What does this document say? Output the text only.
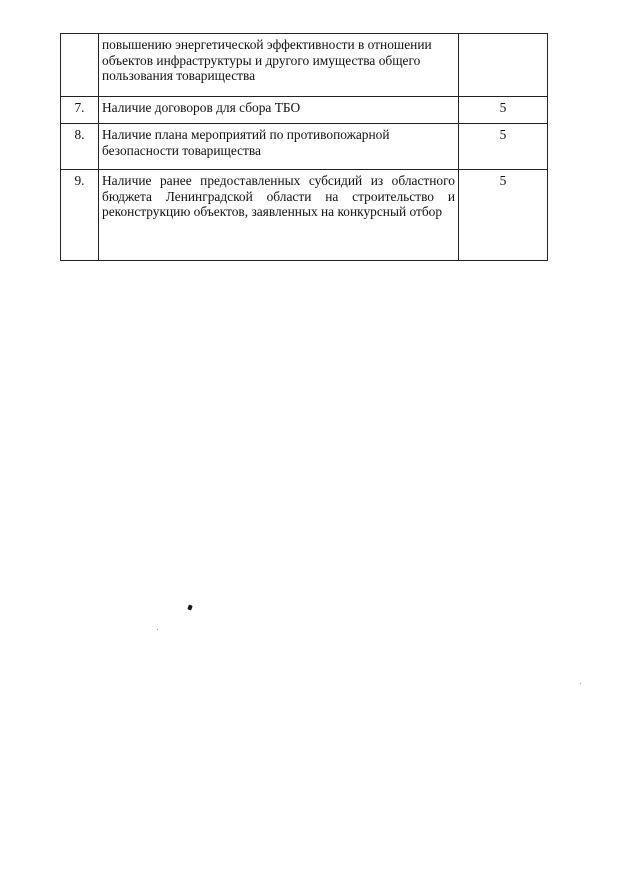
	повышению энергетической эффективности в отношении объектов инфраструктуры и другого имущества общего пользования товарищества	
7.	Наличие договоров для сбора ТБО	5
8.	Наличие плана мероприятий по противопожарной безопасности товарищества	5
9.	Наличие ранее предоставленных субсидий из областного бюджета Ленинградской области на строительство и реконструкцию объектов, заявленных на конкурсный отбор	5
